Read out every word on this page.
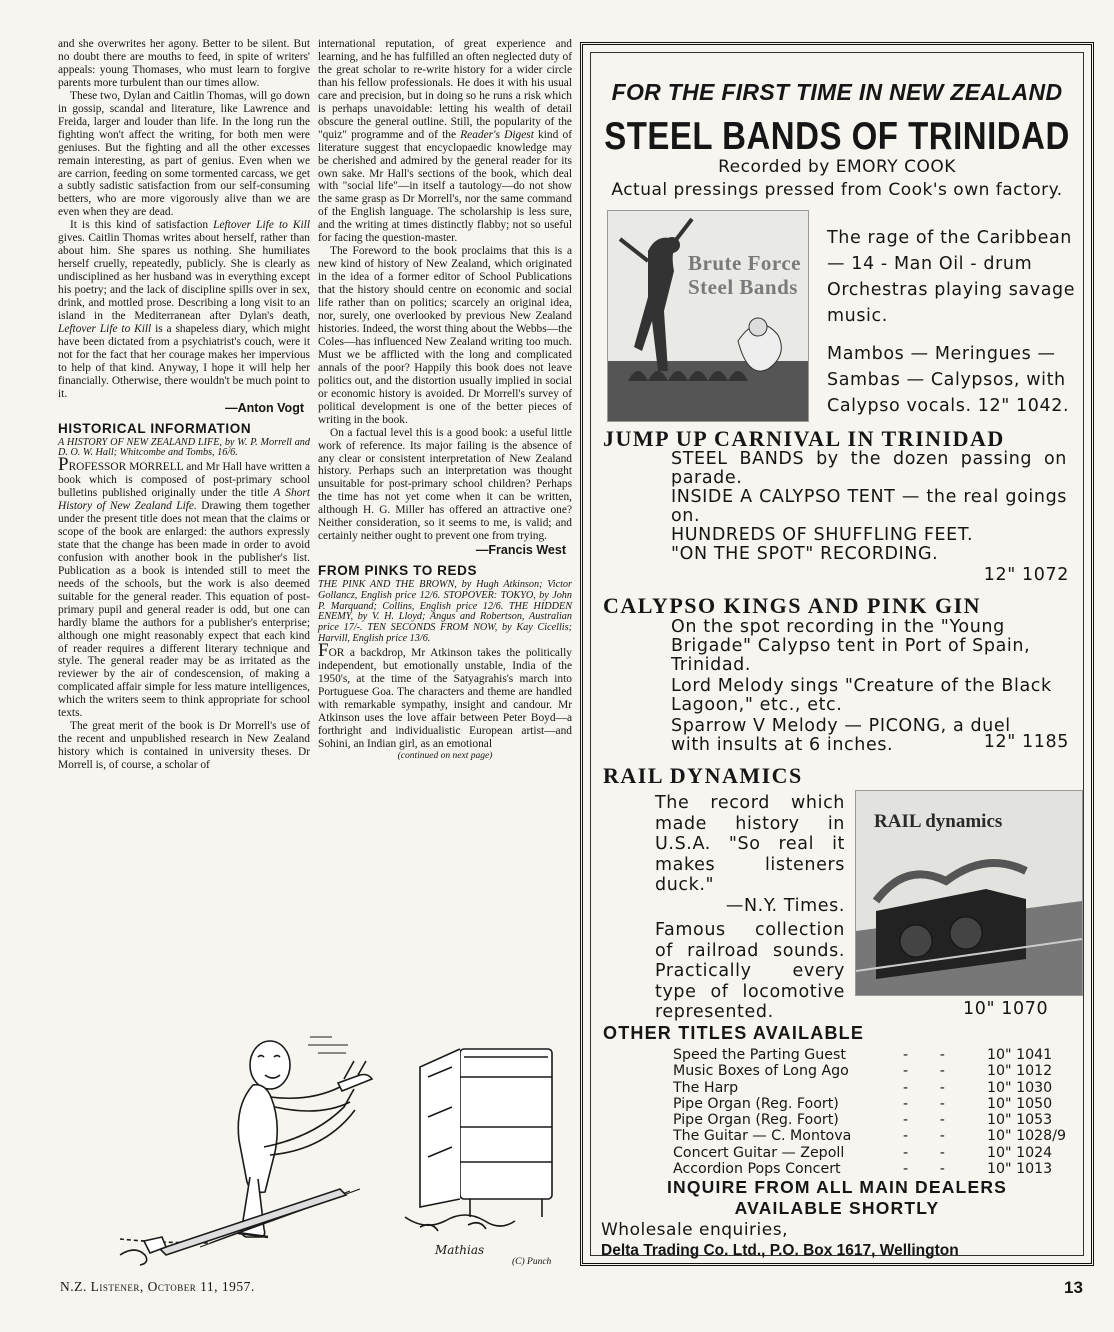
and she overwrites her agony. Better to be silent. But no doubt there are mouths to feed, in spite of writers' appeals: young Thomases, who must learn to forgive parents more turbulent than our times allow.

These two, Dylan and Caitlin Thomas, will go down in gossip, scandal and literature, like Lawrence and Freida, larger and louder than life. In the long run the fighting won't affect the writing, for both men were geniuses. But the fighting and all the other excesses remain interesting, as part of genius. Even when we are carrion, feeding on some tormented carcass, we get a subtly sadistic satisfaction from our self-consuming betters, who are more vigorously alive than we are even when they are dead.

It is this kind of satisfaction Leftover Life to Kill gives. Caitlin Thomas writes about herself, rather than about him. She spares us nothing. She humiliates herself cruelly, repeatedly, publicly. She is clearly as undisciplined as her husband was in everything except his poetry; and the lack of discipline spills over in sex, drink, and mottled prose. Describing a long visit to an island in the Mediterranean after Dylan's death, Leftover Life to Kill is a shapeless diary, which might have been dictated from a psychiatrist's couch, were it not for the fact that her courage makes her impervious to help of that kind. Anyway, I hope it will help her financially. Otherwise, there wouldn't be much point to it.

—Anton Vogt
HISTORICAL INFORMATION

A HISTORY OF NEW ZEALAND LIFE, by W. P. Morrell and D. O. W. Hall; Whitcombe and Tombs, 16/6.

PROFESSOR MORRELL and Mr Hall have written a book which is composed of post-primary school bulletins published originally under the title A Short History of New Zealand Life. Drawing them together under the present title does not mean that the claims or scope of the book are enlarged: the authors expressly state that the change has been made in order to avoid confusion with another book in the publisher's list. Publication as a book is intended still to meet the needs of the schools, but the work is also deemed suitable for the general reader. This equation of post-primary pupil and general reader is odd, but one can hardly blame the authors for a publisher's enterprise; although one might reasonably expect that each kind of reader requires a different literary technique and style. The general reader may be as irritated as the reviewer by the air of condescension, of making a complicated affair simple for less mature intelligences, which the writers seem to think appropriate for school texts.

The great merit of the book is Dr Morrell's use of the recent and unpublished research in New Zealand history which is contained in university theses. Dr Morrell is, of course, a scholar of

international reputation, of great experience and learning, and he has fulfilled an often neglected duty of the great scholar to re-write history for a wider circle than his fellow professionals. He does it with his usual care and precision, but in doing so he runs a risk which is perhaps unavoidable: letting his wealth of detail obscure the general outline. Still, the popularity of the "quiz" programme and of the Reader's Digest kind of literature suggest that encyclopaedic knowledge may be cherished and admired by the general reader for its own sake. Mr Hall's sections of the book, which deal with "social life"—in itself a tautology—do not show the same grasp as Dr Morrell's, nor the same command of the English language. The scholarship is less sure, and the writing at times distinctly flabby; not so useful for facing the question-master.

The Foreword to the book proclaims that this is a new kind of history of New Zealand, which originated in the idea of a former editor of School Publications that the history should centre on economic and social life rather than on politics; scarcely an original idea, nor, surely, one overlooked by previous New Zealand histories. Indeed, the worst thing about the Webbs—the Coles—has influenced New Zealand writing too much. Must we be afflicted with the long and complicated annals of the poor? Happily this book does not leave politics out, and the distortion usually implied in social or economic history is avoided. Dr Morrell's survey of political development is one of the better pieces of writing in the book.

On a factual level this is a good book: a useful little work of reference. Its major failing is the absence of any clear or consistent interpretation of New Zealand history. Perhaps such an interpretation was thought unsuitable for post-primary school children? Perhaps the time has not yet come when it can be written, although H. G. Miller has offered an attractive one? Neither consideration, so it seems to me, is valid; and certainly neither ought to prevent one from trying.

—Francis West
FROM PINKS TO REDS

THE PINK AND THE BROWN, by Hugh Atkinson; Victor Gollancz, English price 12/6. STOPOVER: TOKYO, by John P. Marquand; Collins, English price 12/6. THE HIDDEN ENEMY, by V. H. Lloyd; Angus and Robertson, Australian price 17/-. TEN SECONDS FROM NOW, by Kay Cicellis; Harvill, English price 13/6.

FOR a backdrop, Mr Atkinson takes the politically independent, but emotionally unstable, India of the 1950's, at the time of the Satyagrahis's march into Portuguese Goa. The characters and theme are handled with remarkable sympathy, insight and candour. Mr Atkinson uses the love affair between Peter Boyd—a forthright and individualistic European artist—and Sohini, an Indian girl, as an emotional

(continued on next page)
Mathias
(C) Punch
N.Z. Listener, October 11, 1957.	13
FOR THE FIRST TIME IN NEW ZEALAND
STEEL BANDS OF TRINIDAD
Recorded by EMORY COOK
Actual pressings pressed from Cook's own factory.
Brute Force
Steel Bands
The rage of the Caribbean
— 14 - Man Oil - drum
Orchestras playing savage
music.
Mambos — Meringues —
Sambas — Calypsos, with
Calypso vocals. 12" 1042.
JUMP UP CARNIVAL IN TRINIDAD
STEEL BANDS by the dozen passing on parade.
INSIDE A CALYPSO TENT — the real goings on.
HUNDREDS OF SHUFFLING FEET.
"ON THE SPOT" RECORDING.
12" 1072
CALYPSO KINGS AND PINK GIN
On the spot recording in the "Young Brigade" Calypso tent in Port of Spain, Trinidad.
Lord Melody sings "Creature of the Black Lagoon," etc., etc.
Sparrow V Melody — PICONG, a duel with insults at 6 inches.	12" 1185
RAIL DYNAMICS
The record which made history in U.S.A. "So real it makes listeners duck."
—N.Y. Times.
Famous collection of railroad sounds. Practically every type of locomotive represented.
RAIL dynamics
10" 1070
OTHER TITLES AVAILABLE
Speed the Parting Guest	-       -	10" 1041
Music Boxes of Long Ago	-       -	10" 1012
The Harp	-       -	10" 1030
Pipe Organ (Reg. Foort)	-       -	10" 1050
Pipe Organ (Reg. Foort)	-       -	10" 1053
The Guitar — C. Montova	-       -	10" 1028/9
Concert Guitar — Zepoll	-       -	10" 1024
Accordion Pops Concert	-       -	10" 1013
INQUIRE FROM ALL MAIN DEALERS
AVAILABLE SHORTLY
Wholesale enquiries,
Delta Trading Co. Ltd., P.O. Box 1617, Wellington
